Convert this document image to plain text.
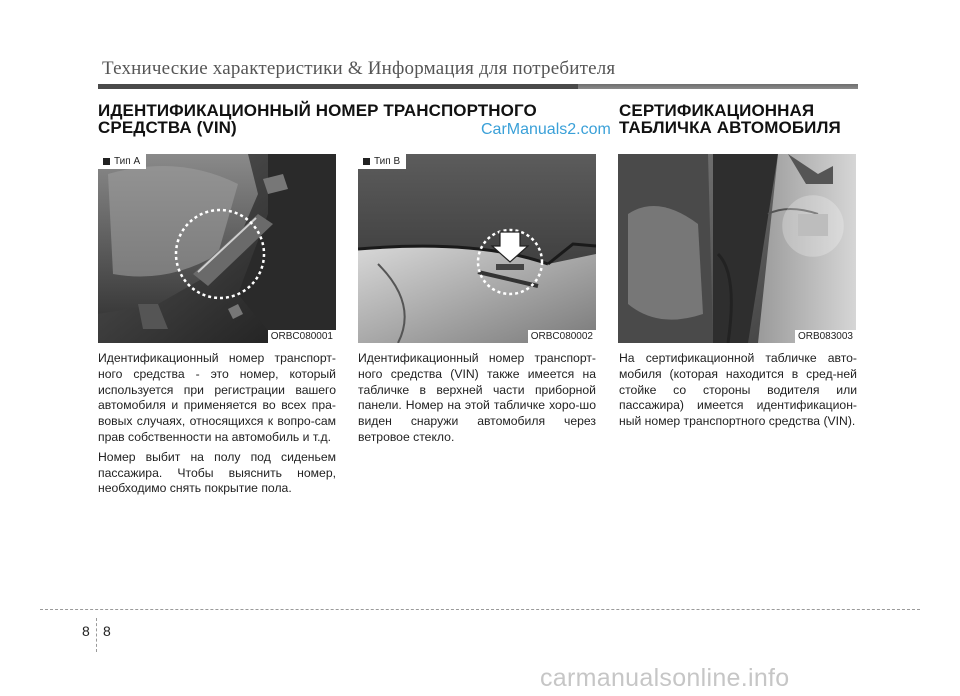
Технические характеристики & Информация для потребителя
ИДЕНТИФИКАЦИОННЫЙ НОМЕР ТРАНСПОРТНОГО
СРЕДСТВА (VIN)	CarManuals2.com
СЕРТИФИКАЦИОННАЯ
ТАБЛИЧКА АВТОМОБИЛЯ
Тип A
ORBC080001
Тип B
ORBC080002	ORB083003

Идентификационный номер транспорт-ного средства - это номер, который используется при регистрации вашего автомобиля и применяется во всех пра-вовых случаях, относящихся к вопро-сам прав собственности на автомобиль и т.д.

Номер выбит на полу под сиденьем пассажира. Чтобы выяснить номер, необходимо снять покрытие пола.

Идентификационный номер транспорт-ного средства (VIN) также имеется на табличке в верхней части приборной панели. Номер на этой табличке хоро-шо виден снаружи автомобиля через ветровое стекло.

На сертификационной табличке авто-мобиля (которая находится в сред-ней стойке со стороны водителя или пассажира) имеется идентификацион-ный номер транспортного средства (VIN).

8 8
carmanualsonline.info
